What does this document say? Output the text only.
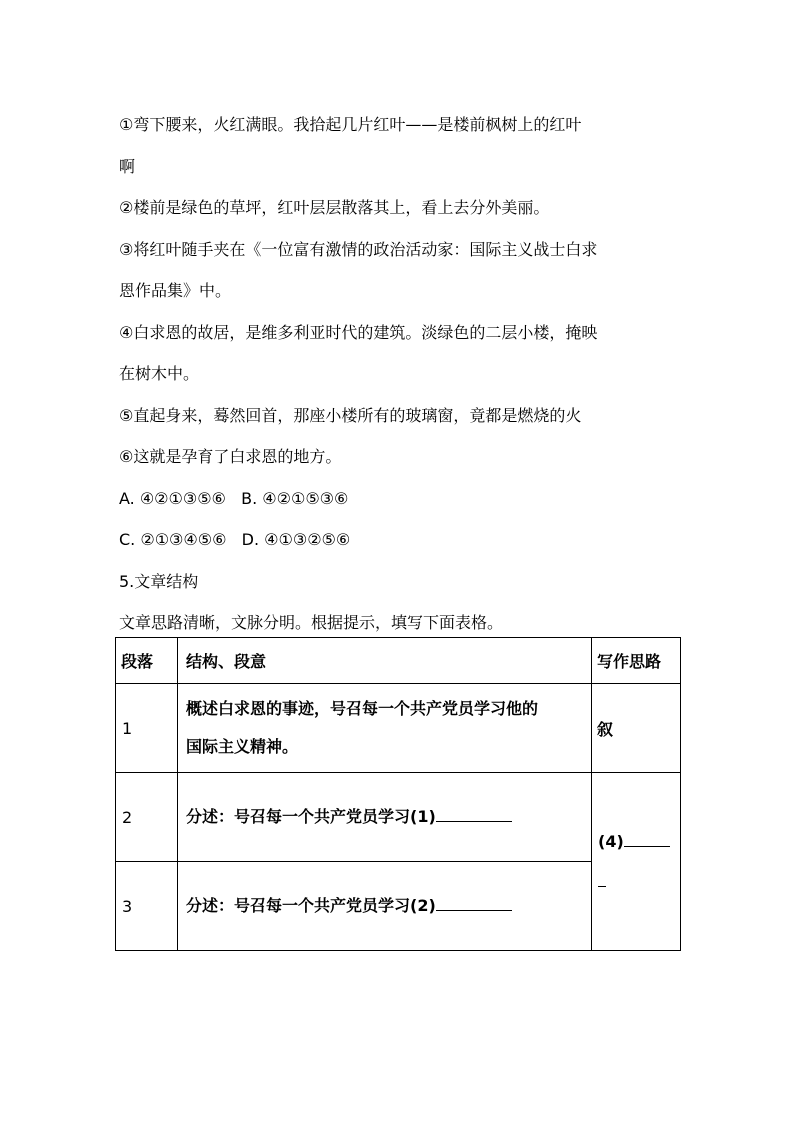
①弯下腰来，火红满眼。我拾起几片红叶——是楼前枫树上的红叶

啊

②楼前是绿色的草坪，红叶层层散落其上，看上去分外美丽。

③将红叶随手夹在《一位富有激情的政治活动家：国际主义战士白求

恩作品集》中。

④白求恩的故居，是维多利亚时代的建筑。淡绿色的二层小楼，掩映

在树木中。

⑤直起身来，蓦然回首，那座小楼所有的玻璃窗，竟都是燃烧的火

⑥这就是孕育了白求恩的地方。

A. ④②①③⑤⑥   B. ④②①⑤③⑥

C. ②①③④⑤⑥   D. ④①③②⑤⑥

5.文章结构

文章思路清晰，文脉分明。根据提示，填写下面表格。

段落	结构、段意	写作思路
1	概述白求恩的事迹，号召每一个共产党员学习他的
国际主义精神。	叙
2	分述：号召每一个共产党员学习(1)	(4)

3	分述：号召每一个共产党员学习(2)	
